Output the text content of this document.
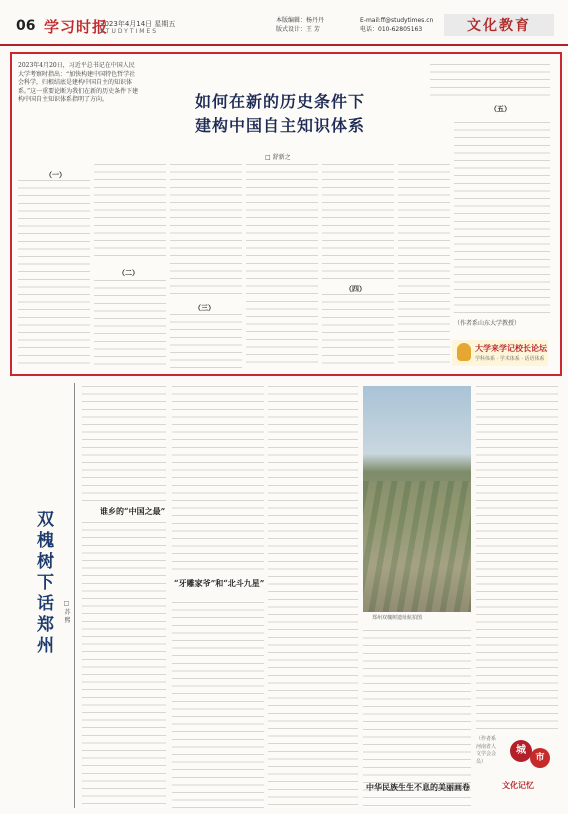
06 学习时报
2023年4月14日 星期五
STUDYTIMES
本版编辑：杨丹丹
版式设计：王 芳
E-mail:ff@studytimes.cn
电话：010-62805163	文化教育
2023年4月20日，习近平总书记在中国人民大学考察时指出：“加快构建中国特色哲学社会科学，归根结底是建构中国自主的知识体系。”这一重要论断为我们在新的历史条件下建构中国自主知识体系指明了方向。	如何在新的历史条件下
建构中国自主知识体系
□ 舒新之
（一）
（二）
（三）
（四）
（五）
（作者系山东大学教授）
大学来学记校长论坛
学科体系 · 学术体系 · 话语体系
双槐树下话郑州	□ 苏 熙
谁乡的“中国之最”
“牙雕家爷”和“北斗九星”
中华民族生生不息的美丽画卷
郑州双槐树遗址航拍图
（作者系河南省人文学会会员）
城
市
文化记忆
